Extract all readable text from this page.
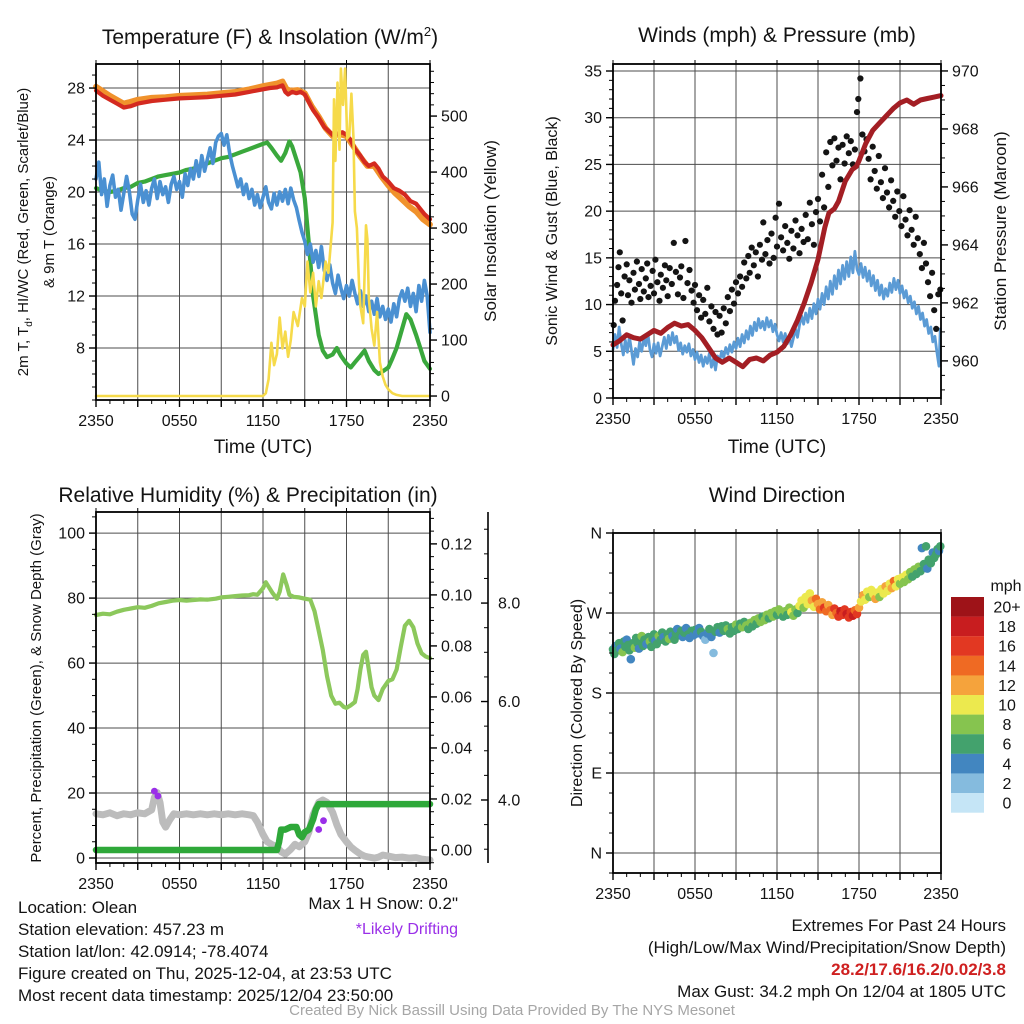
Temperature (F) & Insolation $(W/m^2)$	Winds (mph) & Pressure (mb)
Relative Humidity (%) & Precipitation (in)	Wind Direction
Time (UTC)	Time (UTC)
2m T, $T_d$, HI/WC (Red, Green, Scarlet/Blue) & 9m T (Orange)	Solar Insolation (Yellow)	Sonic Wind & Gust (Blue, Black)	Station Pressure (Maroon)
Percent, Precipitation (Green), & Snow Depth (Gray)	Direction (Colored By Speed)
2350	0550	1150	1750	2350
8
12
16
20
24
28
0
100
200
300
400
500
2350	0550	1150	1750	2350
0
5
10
15
20
25
30
35
960
962
964
966
968
970
2350	0550	1150	1750	2350
0
20
40
60
80
100
0.00
0.02
0.04
0.06
0.08
0.10
0.12
4.0
6.0
8.0
2350	0550	1150	1750	2350
N
W
S
E
N
mph
20+
18
16
14
12
10
8
6
4
2
0
Max 1 H Snow: 0.2"
*Likely Drifting
Location: Olean
Station elevation: 457.23 m
Station lat/lon: 42.0914; -78.4074
Figure created on Thu, 2025-12-04, at 23:53 UTC
Most recent data timestamp: 2025/12/04 23:50:00
Extremes For Past 24 Hours
(High/Low/Max Wind/Precipitation/Snow Depth)
28.2/17.6/16.2/0.02/3.8
Max Gust: 34.2 mph On 12/04 at 1805 UTC
Created By Nick Bassill Using Data Provided By The NYS Mesonet
